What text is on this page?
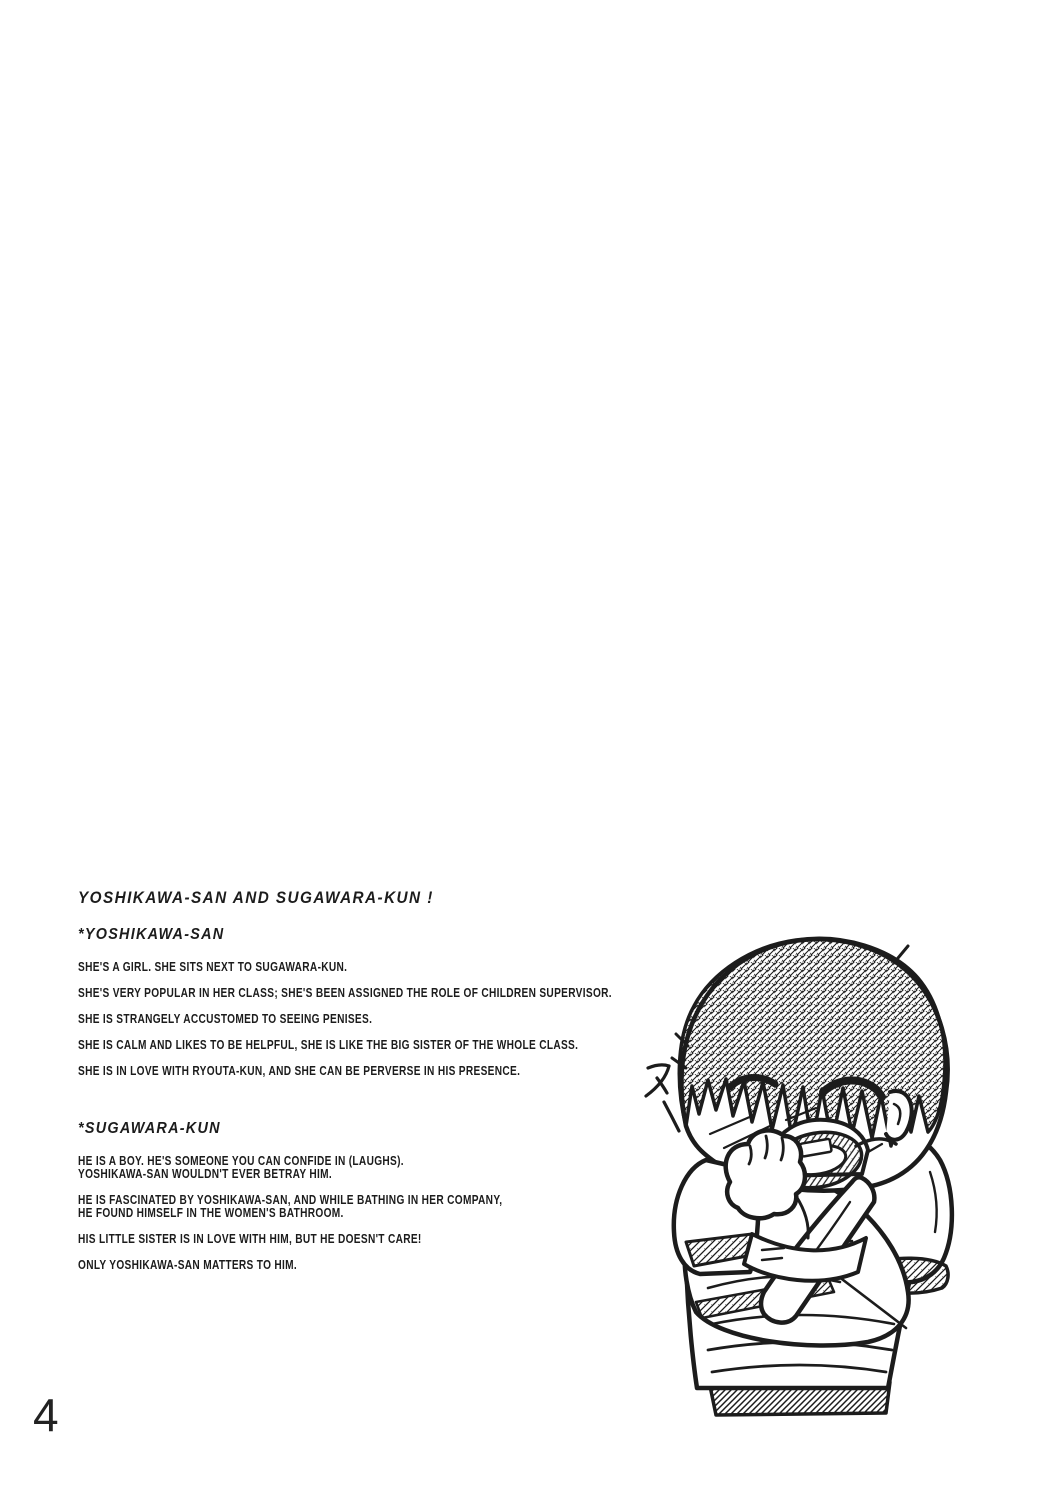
YOSHIKAWA-SAN AND SUGAWARA-KUN !
*YOSHIKAWA-SAN

SHE'S A GIRL. SHE SITS NEXT TO SUGAWARA-KUN.

SHE'S VERY POPULAR IN HER CLASS; SHE'S BEEN ASSIGNED THE ROLE OF CHILDREN SUPERVISOR.

SHE IS STRANGELY ACCUSTOMED TO SEEING PENISES.

SHE IS CALM AND LIKES TO BE HELPFUL, SHE IS LIKE THE BIG SISTER OF THE WHOLE CLASS.

SHE IS IN LOVE WITH RYOUTA-KUN, AND SHE CAN BE PERVERSE IN HIS PRESENCE.

*SUGAWARA-KUN

HE IS A BOY. HE'S SOMEONE YOU CAN CONFIDE IN (LAUGHS).
YOSHIKAWA-SAN WOULDN'T EVER BETRAY HIM.

HE IS FASCINATED BY YOSHIKAWA-SAN, AND WHILE BATHING IN HER COMPANY,
HE FOUND HIMSELF IN THE WOMEN'S BATHROOM.

HIS LITTLE SISTER IS IN LOVE WITH HIM, BUT HE DOESN'T CARE!

ONLY YOSHIKAWA-SAN MATTERS TO HIM.

4
